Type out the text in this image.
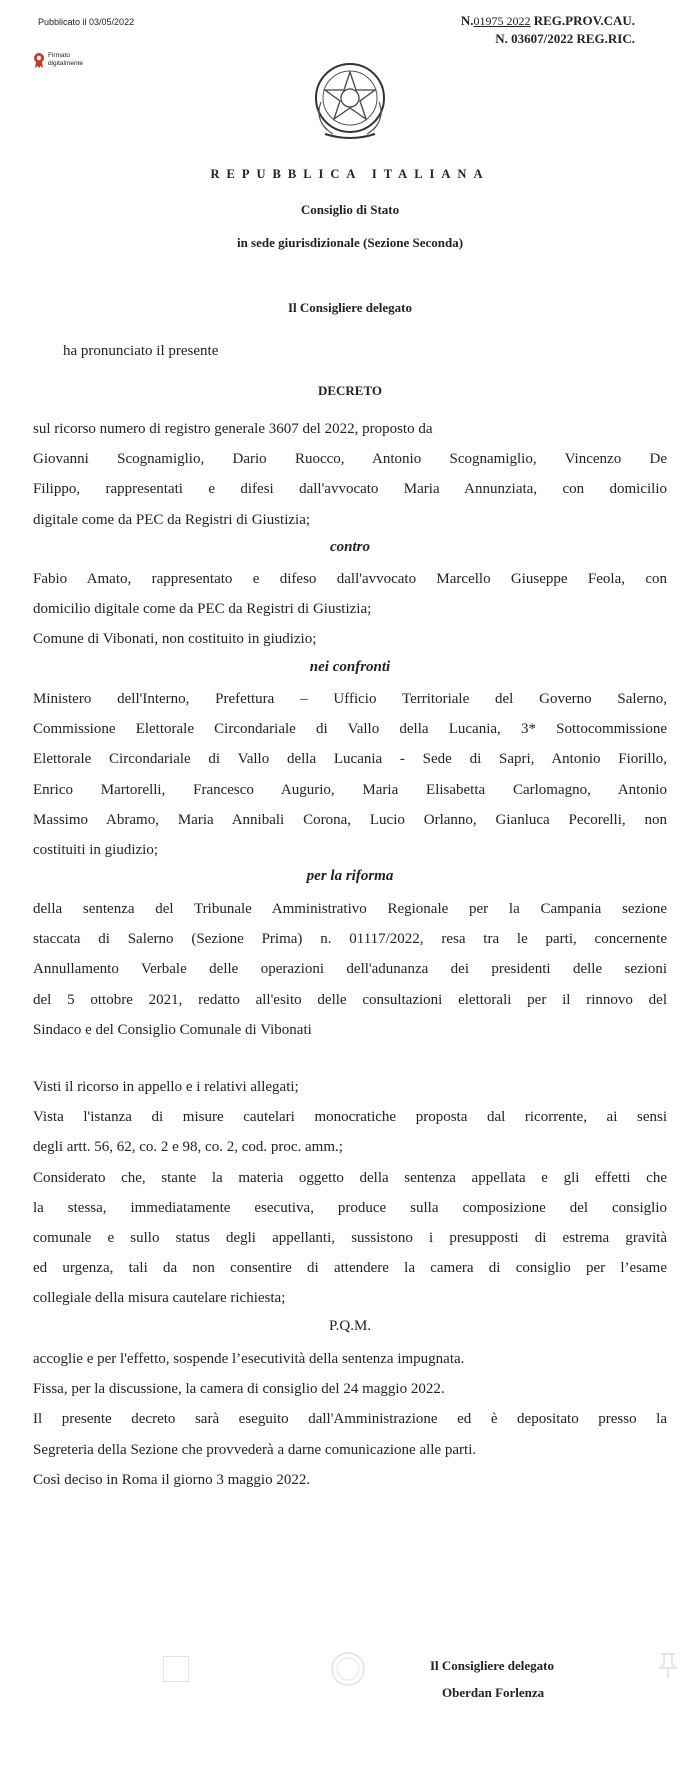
Pubblicato il 03/05/2022
Firmato
digitalmente
N.01975 2022 REG.PROV.CAU.
N. 03607/2022 REG.RIC.
REPUBBLICA ITALIANA
Consiglio di Stato
in sede giurisdizionale (Sezione Seconda)
Il Consigliere delegato
ha pronunciato il presente
DECRETO
sul ricorso numero di registro generale 3607 del 2022, proposto da
Giovanni Scognamiglio, Dario Ruocco, Antonio Scognamiglio, Vincenzo De
Filippo, rappresentati e difesi dall'avvocato Maria Annunziata, con domicilio
digitale come da PEC da Registri di Giustizia;
contro
Fabio Amato, rappresentato e difeso dall'avvocato Marcello Giuseppe Feola, con
domicilio digitale come da PEC da Registri di Giustizia;
Comune di Vibonati, non costituito in giudizio;
nei confronti
Ministero dell'Interno, Prefettura – Ufficio Territoriale del Governo Salerno,
Commissione Elettorale Circondariale di Vallo della Lucania, 3* Sottocommissione
Elettorale Circondariale di Vallo della Lucania - Sede di Sapri, Antonio Fiorillo,
Enrico Martorelli, Francesco Augurio, Maria Elisabetta Carlomagno, Antonio
Massimo Abramo, Maria Annibali Corona, Lucio Orlanno, Gianluca Pecorelli, non
costituiti in giudizio;
per la riforma
della sentenza del Tribunale Amministrativo Regionale per la Campania sezione
staccata di Salerno (Sezione Prima) n. 01117/2022, resa tra le parti, concernente
Annullamento Verbale delle operazioni dell'adunanza dei presidenti delle sezioni
del 5 ottobre 2021, redatto all'esito delle consultazioni elettorali per il rinnovo del
Sindaco e del Consiglio Comunale di Vibonati
Visti il ricorso in appello e i relativi allegati;
Vista l'istanza di misure cautelari monocratiche proposta dal ricorrente, ai sensi
degli artt. 56, 62, co. 2 e 98, co. 2, cod. proc. amm.;
Considerato che, stante la materia oggetto della sentenza appellata e gli effetti che
la stessa, immediatamente esecutiva, produce sulla composizione del consiglio
comunale e sullo status degli appellanti, sussistono i presupposti di estrema gravità
ed urgenza, tali da non consentire di attendere la camera di consiglio per l’esame
collegiale della misura cautelare richiesta;
P.Q.M.
accoglie e per l'effetto, sospende l’esecutività della sentenza impugnata.
Fissa, per la discussione, la camera di consiglio del 24 maggio 2022.
Il presente decreto sarà eseguito dall'Amministrazione ed è depositato presso la
Segreteria della Sezione che provvederà a darne comunicazione alle parti.
Così deciso in Roma il giorno 3 maggio 2022.
Il Consigliere delegato
Oberdan Forlenza
